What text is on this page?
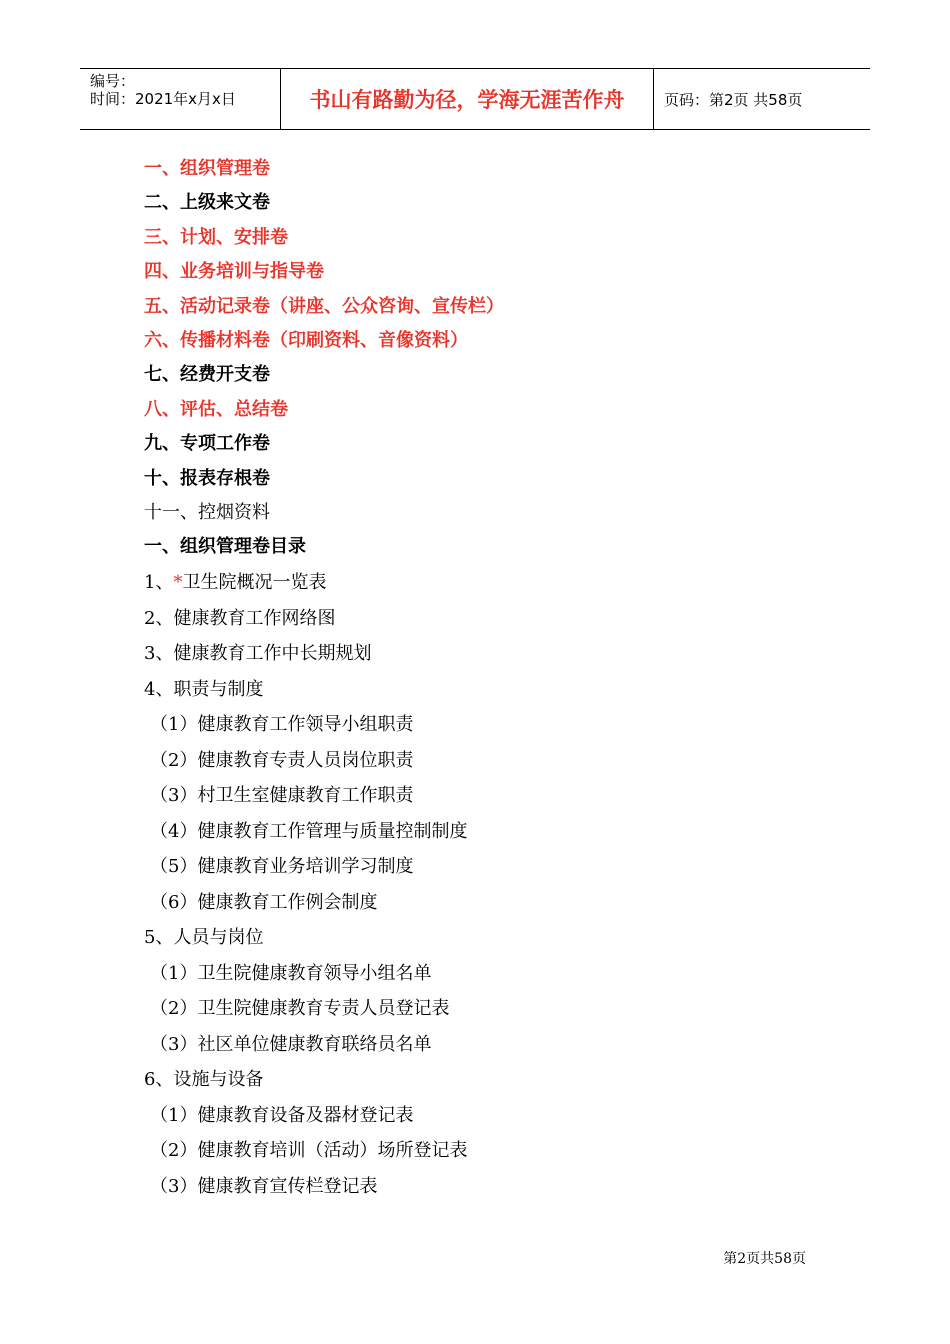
编号：
时间：2021年x月x日	书山有路勤为径，学海无涯苦作舟	页码：第2页 共58页
一、组织管理卷
二、上级来文卷
三、计划、安排卷
四、业务培训与指导卷
五、活动记录卷（讲座、公众咨询、宣传栏）
六、传播材料卷（印刷资料、音像资料）
七、经费开支卷
八、评估、总结卷
九、专项工作卷
十、报表存根卷
十一、控烟资料
一、组织管理卷目录
1、*卫生院概况一览表
2、健康教育工作网络图
3、健康教育工作中长期规划
4、职责与制度
（1）健康教育工作领导小组职责
（2）健康教育专责人员岗位职责
（3）村卫生室健康教育工作职责
（4）健康教育工作管理与质量控制制度
（5）健康教育业务培训学习制度
（6）健康教育工作例会制度
5、人员与岗位
（1）卫生院健康教育领导小组名单
（2）卫生院健康教育专责人员登记表
（3）社区单位健康教育联络员名单
6、设施与设备
（1）健康教育设备及器材登记表
（2）健康教育培训（活动）场所登记表
（3）健康教育宣传栏登记表
第2页共58页
